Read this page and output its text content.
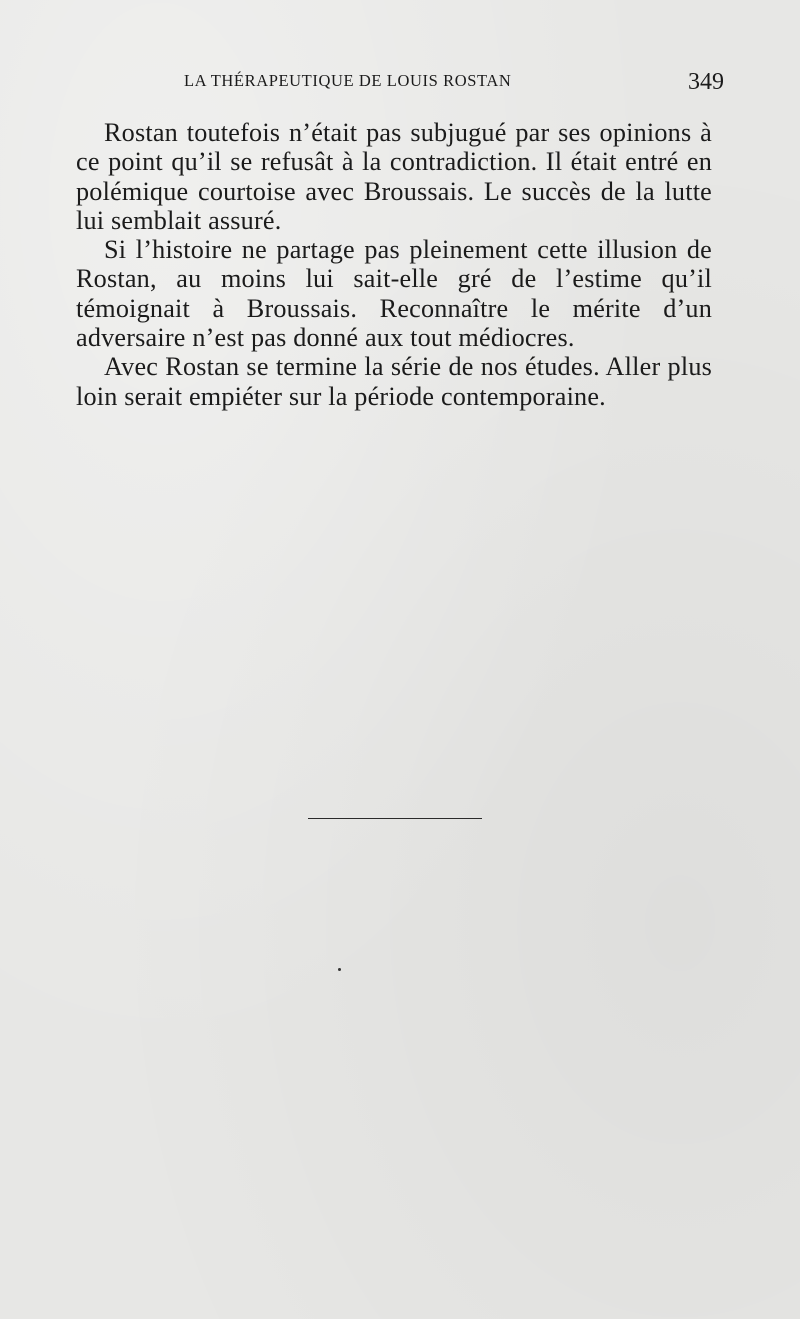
LA THÉRAPEUTIQUE DE LOUIS ROSTAN	349

Rostan toutefois n’était pas subjugué par ses opinions à ce point qu’il se refusât à la contradiction. Il était entré en polémique courtoise avec Broussais. Le succès de la lutte lui semblait assuré.

Si l’histoire ne partage pas pleinement cette illusion de Rostan, au moins lui sait-elle gré de l’estime qu’il témoignait à Broussais. Reconnaître le mérite d’un adversaire n’est pas donné aux tout médiocres.

Avec Rostan se termine la série de nos études. Aller plus loin serait empiéter sur la période contemporaine.
